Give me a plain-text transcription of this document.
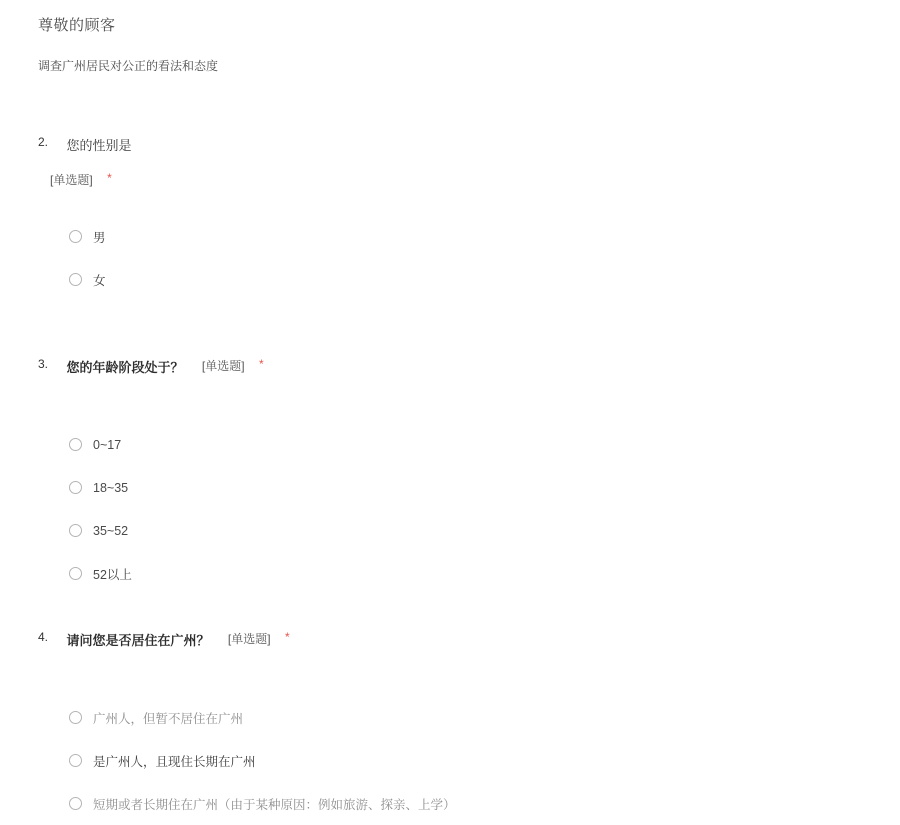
尊敬的顾客
调查广州居民对公正的看法和态度
2. $^{您的性别是}$
[单选题] *
男
女
3. $^{您的年龄阶段处于?}$ [单选题] *
0~17
18~35
35~52
52以上
4. $^{请问您是否居住在广州?}$ [单选题] *
广州人，但暂不居住在广州
是广州人，且现住长期在广州
短期或者长期住在广州（由于某种原因：例如旅游、探亲、上学）
